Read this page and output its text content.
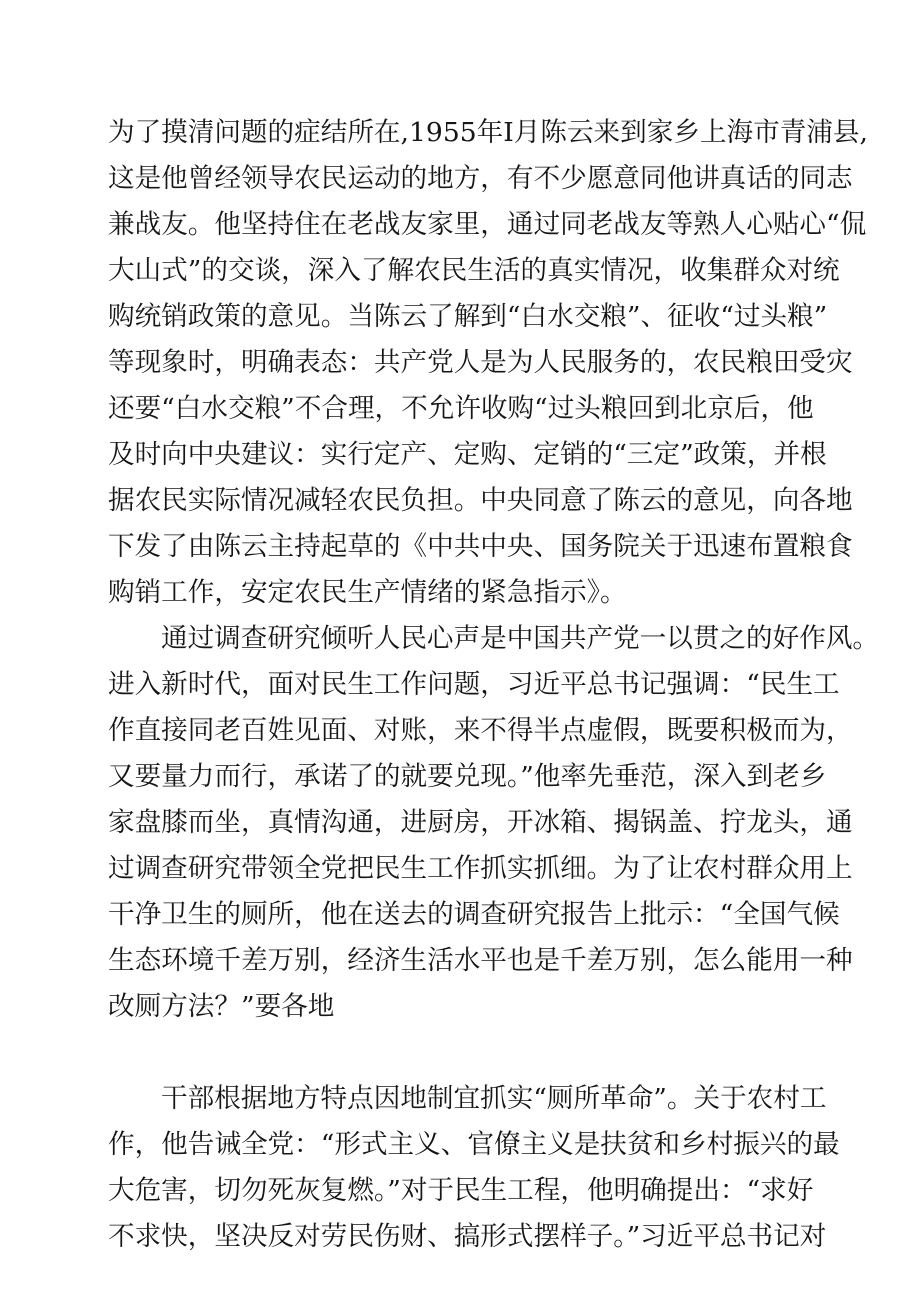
为了摸清问题的症结所在,1955年I月陈云来到家乡上海市青浦县,
这是他曾经领导农民运动的地方，有不少愿意同他讲真话的同志
兼战友。他坚持住在老战友家里，通过同老战友等熟人心贴心“侃
大山式”的交谈，深入了解农民生活的真实情况，收集群众对统
购统销政策的意见。当陈云了解到“白水交粮”、征收“过头粮”
等现象时，明确表态：共产党人是为人民服务的，农民粮田受灾
还要“白水交粮”不合理，不允许收购“过头粮回到北京后，他
及时向中央建议：实行定产、定购、定销的“三定”政策，并根
据农民实际情况减轻农民负担。中央同意了陈云的意见，向各地
下发了由陈云主持起草的《中共中央、国务院关于迅速布置粮食
购销工作，安定农民生产情绪的紧急指示》。
通过调查研究倾听人民心声是中国共产党一以贯之的好作风。
进入新时代，面对民生工作问题，习近平总书记强调：“民生工
作直接同老百姓见面、对账，来不得半点虚假，既要积极而为，
又要量力而行，承诺了的就要兑现。”他率先垂范，深入到老乡
家盘膝而坐，真情沟通，进厨房，开冰箱、揭锅盖、拧龙头，通
过调查研究带领全党把民生工作抓实抓细。为了让农村群众用上
干净卫生的厕所，他在送去的调查研究报告上批示：“全国气候
生态环境千差万别，经济生活水平也是千差万别，怎么能用一种
改厕方法？”要各地
干部根据地方特点因地制宜抓实“厕所革命”。关于农村工
作，他告诫全党：“形式主义、官僚主义是扶贫和乡村振兴的最
大危害，切勿死灰复燃。”对于民生工程，他明确提出：“求好
不求快，坚决反对劳民伤财、搞形式摆样子。”习近平总书记对
